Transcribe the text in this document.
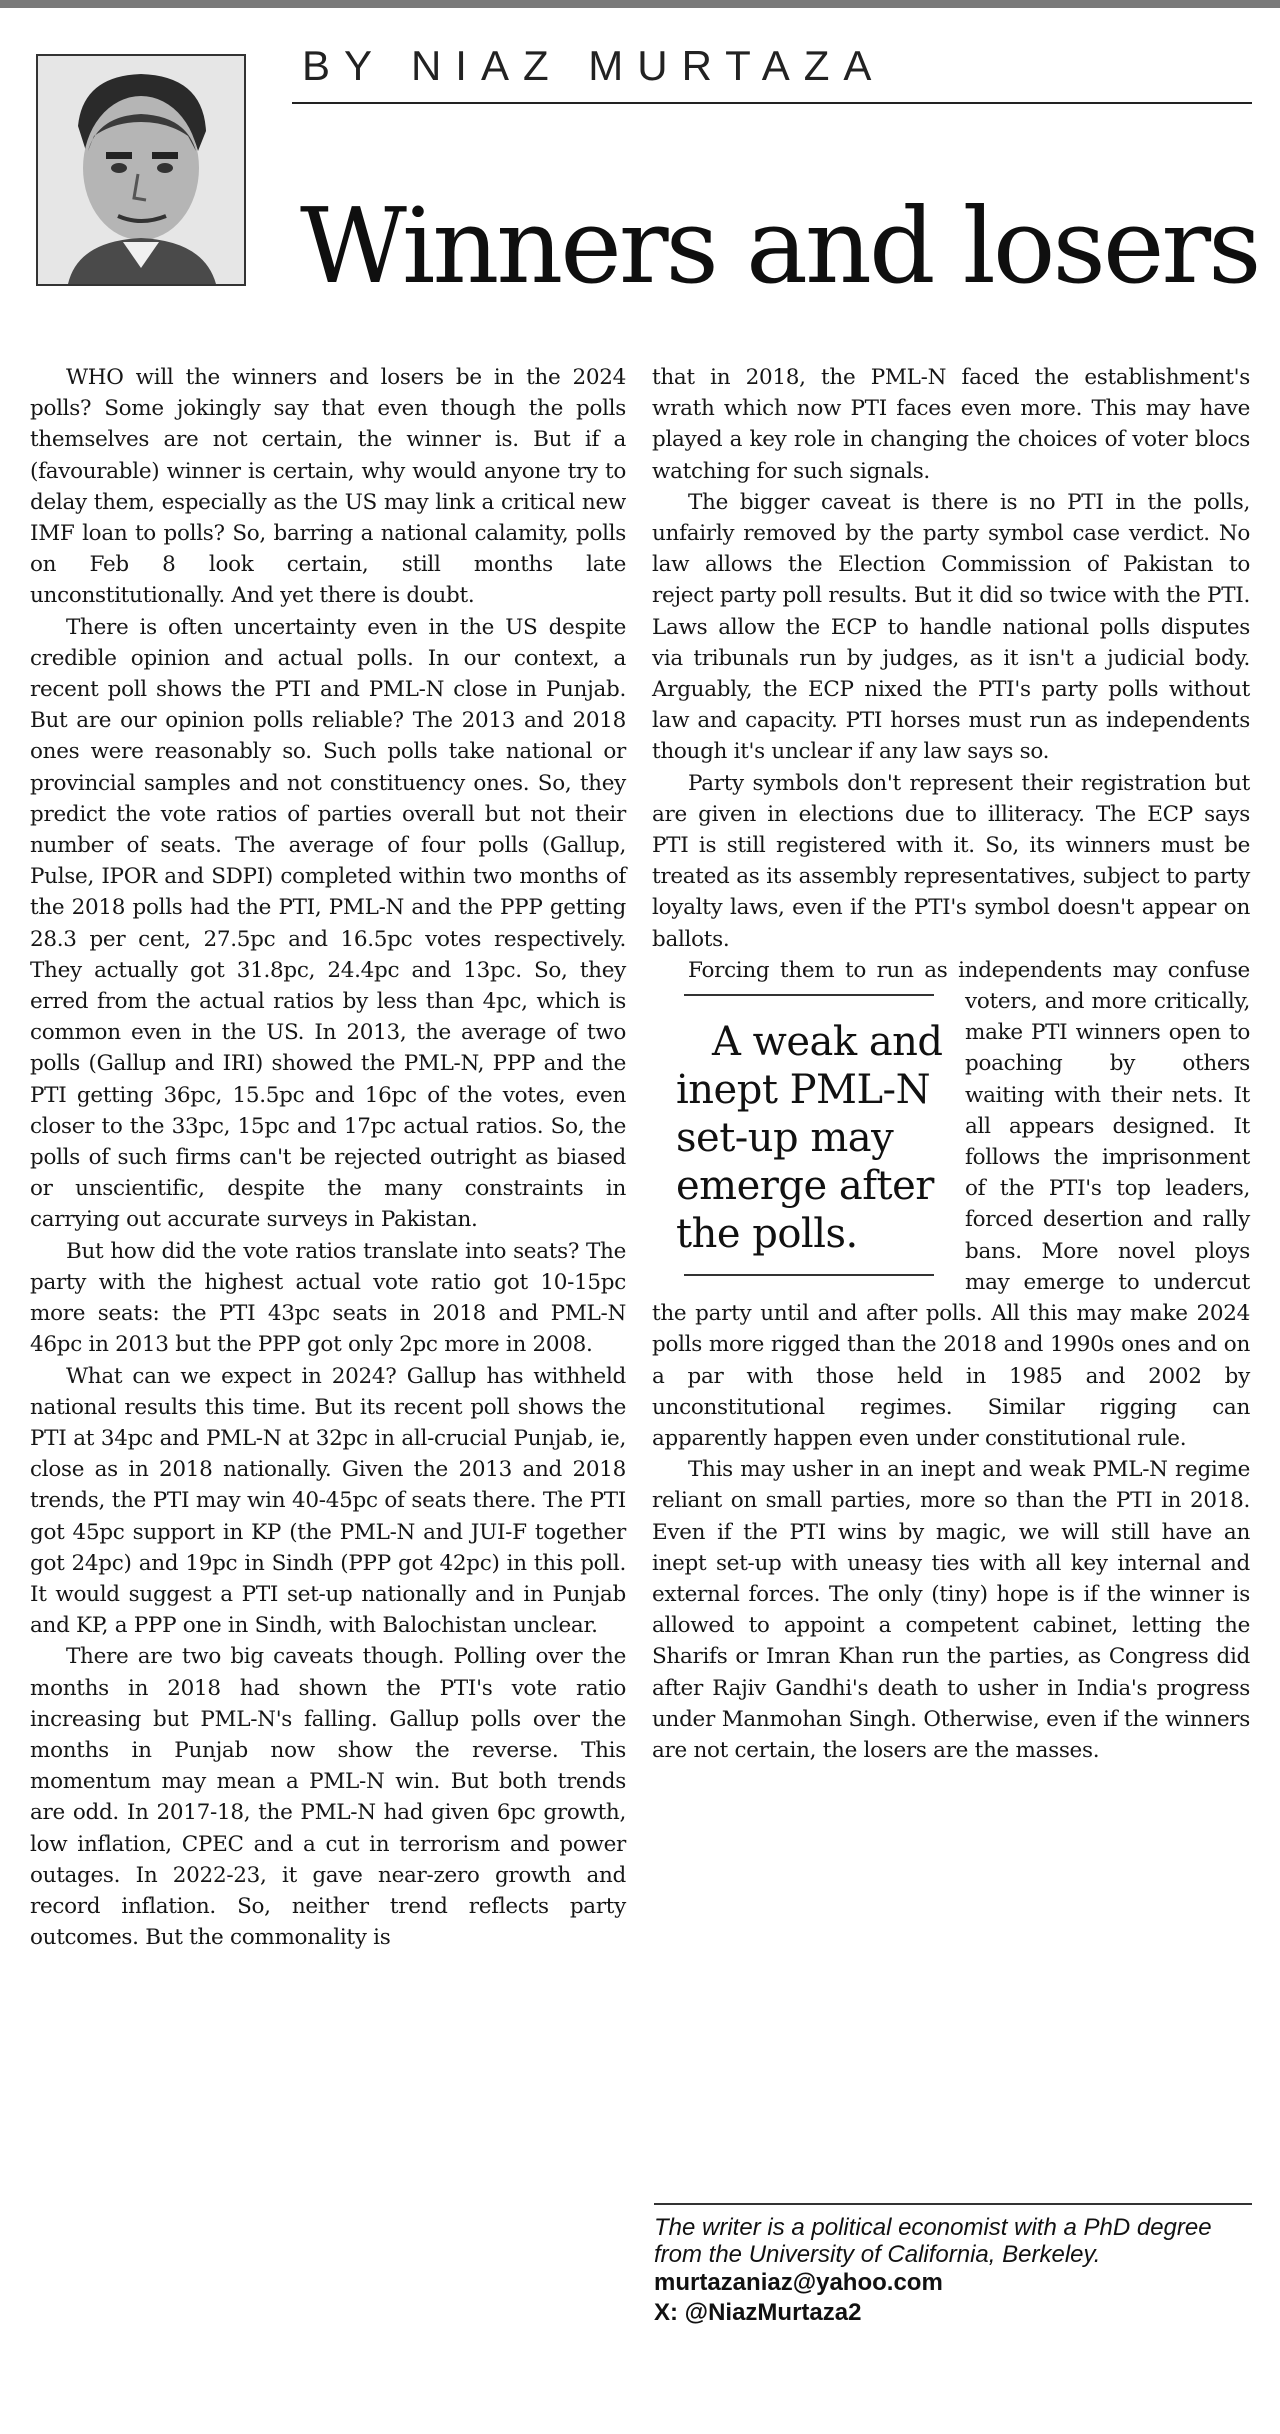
BY NIAZ MURTAZA
Winners and losers

WHO will the winners and losers be in the 2024 polls? Some jokingly say that even though the polls themselves are not certain, the winner is. But if a (favourable) winner is certain, why would anyone try to delay them, especially as the US may link a critical new IMF loan to polls? So, barring a national calamity, polls on Feb 8 look certain, still months late unconstitutionally. And yet there is doubt.

There is often uncertainty even in the US despite credible opinion and actual polls. In our context, a recent poll shows the PTI and PML-N close in Punjab. But are our opinion polls reliable? The 2013 and 2018 ones were reasonably so. Such polls take national or provincial samples and not constituency ones. So, they predict the vote ratios of parties overall but not their number of seats. The average of four polls (Gallup, Pulse, IPOR and SDPI) completed within two months of the 2018 polls had the PTI, PML-N and the PPP getting 28.3 per cent, 27.5pc and 16.5pc votes respectively. They actually got 31.8pc, 24.4pc and 13pc. So, they erred from the actual ratios by less than 4pc, which is common even in the US. In 2013, the average of two polls (Gallup and IRI) showed the PML-N, PPP and the PTI getting 36pc, 15.5pc and 16pc of the votes, even closer to the 33pc, 15pc and 17pc actual ratios. So, the polls of such firms can't be rejected outright as biased or unscientific, despite the many constraints in carrying out accurate surveys in Pakistan.

But how did the vote ratios translate into seats? The party with the highest actual vote ratio got 10-15pc more seats: the PTI 43pc seats in 2018 and PML-N 46pc in 2013 but the PPP got only 2pc more in 2008.

What can we expect in 2024? Gallup has withheld national results this time. But its recent poll shows the PTI at 34pc and PML-N at 32pc in all-crucial Punjab, ie, close as in 2018 nationally. Given the 2013 and 2018 trends, the PTI may win 40-45pc of seats there. The PTI got 45pc support in KP (the PML-N and JUI-F together got 24pc) and 19pc in Sindh (PPP got 42pc) in this poll. It would suggest a PTI set-up nationally and in Punjab and KP, a PPP one in Sindh, with Balochistan unclear.

There are two big caveats though. Polling over the months in 2018 had shown the PTI's vote ratio increasing but PML-N's falling. Gallup polls over the months in Punjab now show the reverse. This momentum may mean a PML-N win. But both trends are odd. In 2017-18, the PML-N had given 6pc growth, low inflation, CPEC and a cut in terrorism and power outages. In 2022-23, it gave near-zero growth and record inflation. So, neither trend reflects party outcomes. But the commonality is

that in 2018, the PML-N faced the establishment's wrath which now PTI faces even more. This may have played a key role in changing the choices of voter blocs watching for such signals.

The bigger caveat is there is no PTI in the polls, unfairly removed by the party symbol case verdict. No law allows the Election Commission of Pakistan to reject party poll results. But it did so twice with the PTI. Laws allow the ECP to handle national polls disputes via tribunals run by judges, as it isn't a judicial body. Arguably, the ECP nixed the PTI's party polls without law and capacity. PTI horses must run as independents though it's unclear if any law says so.

Party symbols don't represent their registration but are given in elections due to illiteracy. The ECP says PTI is still registered with it. So, its winners must be treated as its assembly representatives, subject to party loyalty laws, even if the PTI's symbol doesn't appear on ballots.

Forcing them to run as independents
A weak and inept PML-N set-up may emerge after the polls.
may confuse voters, and more critically, make PTI winners open to poaching by others waiting with their nets. It all appears designed. It follows the imprisonment of the PTI's top leaders, forced desertion and rally bans. More novel ploys may emerge to undercut the party until and after polls. All this may make 2024 polls more rigged than the 2018 and 1990s ones and on a par with those held in 1985 and 2002 by unconstitutional regimes. Similar rigging can apparently happen even under constitutional rule.

This may usher in an inept and weak PML-N regime reliant on small parties, more so than the PTI in 2018. Even if the PTI wins by magic, we will still have an inept set-up with uneasy ties with all key internal and external forces. The only (tiny) hope is if the winner is allowed to appoint a competent cabinet, letting the Sharifs or Imran Khan run the parties, as Congress did after Rajiv Gandhi's death to usher in India's progress under Manmohan Singh. Otherwise, even if the winners are not certain, the losers are the masses.

The writer is a political economist with a PhD degree from the University of California, Berkeley.
murtazaniaz@yahoo.com
X: @NiazMurtaza2
